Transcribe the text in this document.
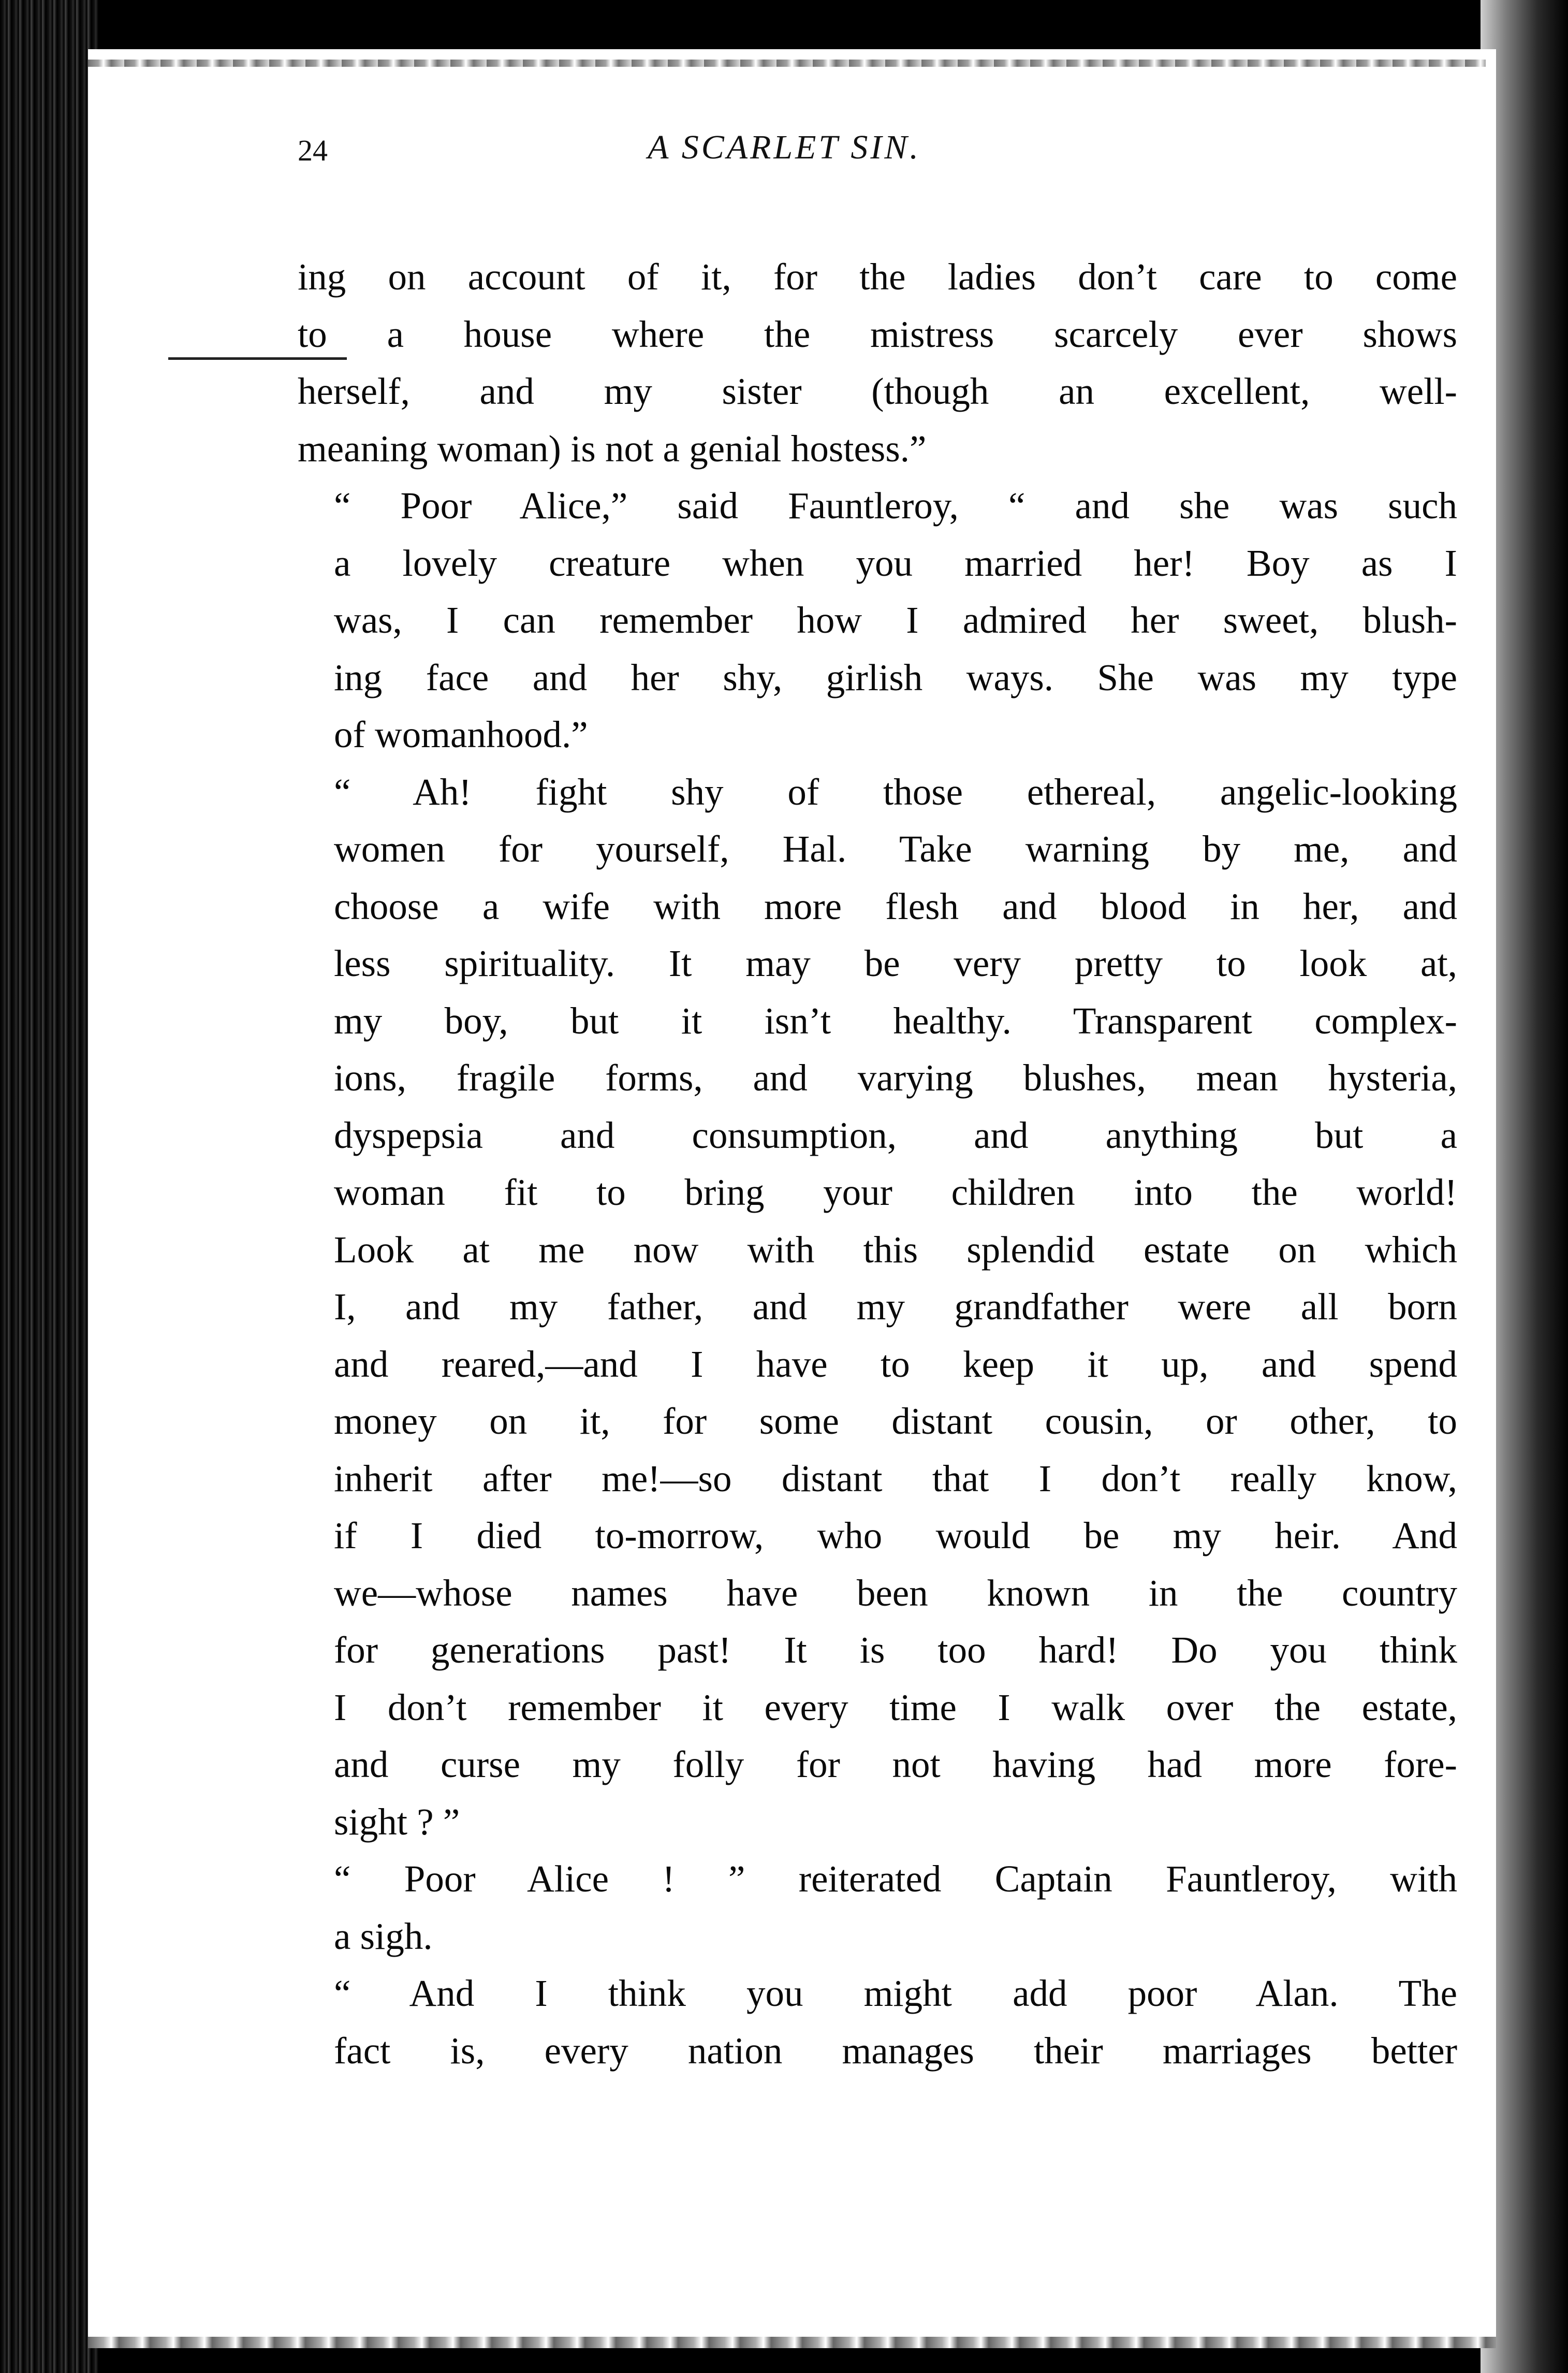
24	A SCARLET SIN.

ing on account of it, for the ladies don’t care to come
to a house where the mistress scarcely ever shows
herself, and my sister (though an excellent, well-
meaning woman) is not a genial hostess.”

“ Poor Alice,” said Fauntleroy, “ and she was such
a lovely creature when you married her! Boy as I
was, I can remember how I admired her sweet, blush-
ing face and her shy, girlish ways. She was my type
of womanhood.”

“ Ah! fight shy of those ethereal, angelic-looking
women for yourself, Hal. Take warning by me, and
choose a wife with more flesh and blood in her, and
less spirituality. It may be very pretty to look at,
my boy, but it isn’t healthy. Transparent complex-
ions, fragile forms, and varying blushes, mean hysteria,
dyspepsia and consumption, and anything but a
woman fit to bring your children into the world!
Look at me now with this splendid estate on which
I, and my father, and my grandfather were all born
and reared,—and I have to keep it up, and spend
money on it, for some distant cousin, or other, to
inherit after me!—so distant that I don’t really know,
if I died to-morrow, who would be my heir. And
we—whose names have been known in the country
for generations past! It is too hard! Do you think
I don’t remember it every time I walk over the estate,
and curse my folly for not having had more fore-
sight ? ”

“ Poor Alice ! ” reiterated Captain Fauntleroy, with
a sigh.

“ And I think you might add poor Alan. The
fact is, every nation manages their marriages better
